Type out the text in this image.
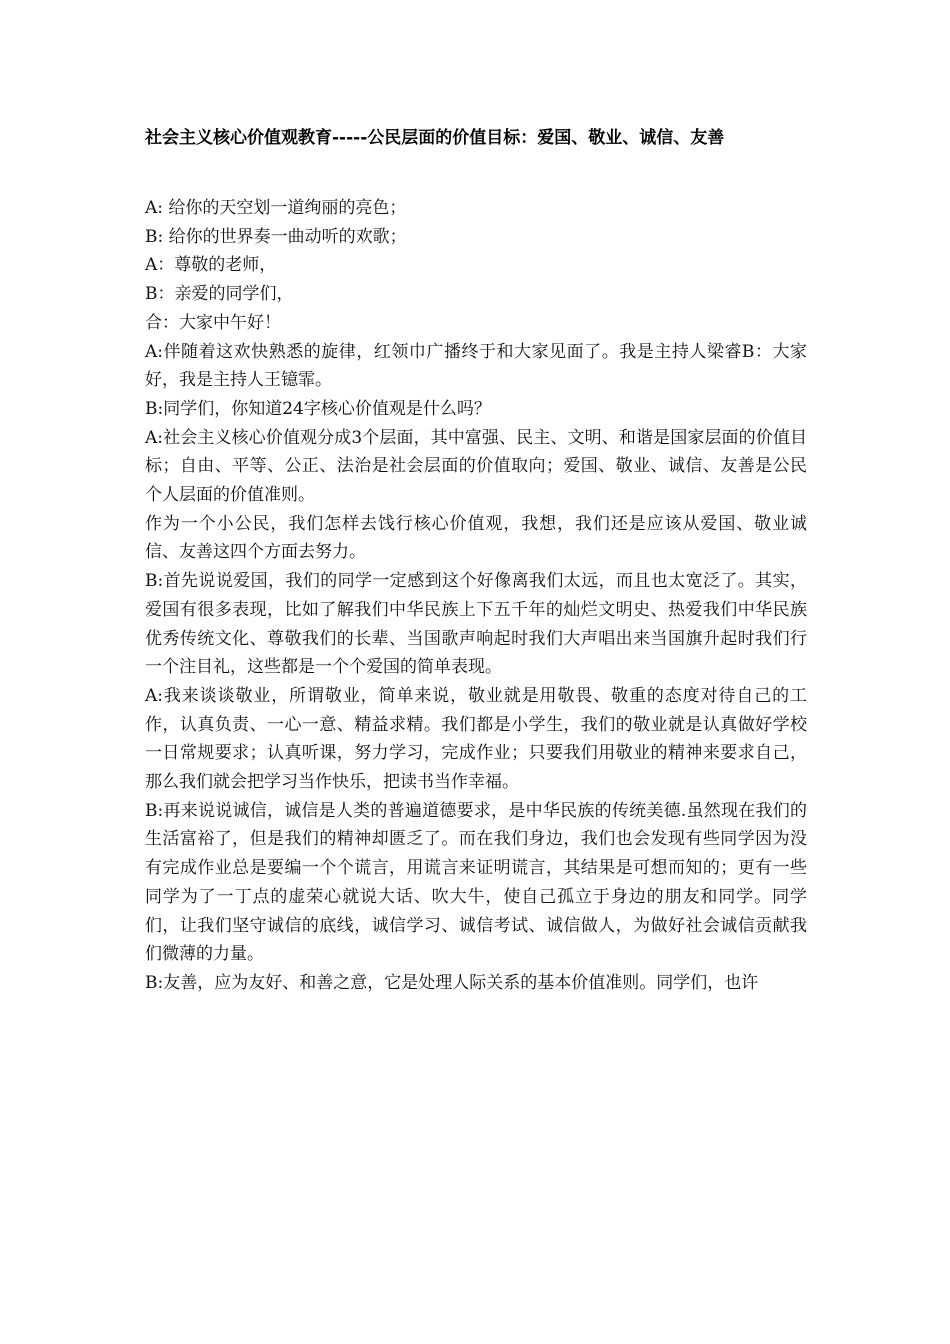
社会主义核心价值观教育-----公民层面的价值目标：爱国、敬业、诚信、友善

A: 给你的天空划一道绚丽的亮色；

B: 给你的世界奏一曲动听的欢歌；

A：尊敬的老师，

B：亲爱的同学们，

合：大家中午好！

A:伴随着这欢快熟悉的旋律，红领巾广播终于和大家见面了。我是主持人梁睿B：大家好，我是主持人王镱霏。

B:同学们，你知道24字核心价值观是什么吗？

A:社会主义核心价值观分成3个层面，其中富强、民主、文明、和谐是国家层面的价值目标；自由、平等、公正、法治是社会层面的价值取向；爱国、敬业、诚信、友善是公民个人层面的价值准则。

作为一个小公民，我们怎样去饯行核心价值观，我想，我们还是应该从爱国、敬业诚信、友善这四个方面去努力。

B:首先说说爱国，我们的同学一定感到这个好像离我们太远，而且也太宽泛了。其实，爱国有很多表现，比如了解我们中华民族上下五千年的灿烂文明史、热爱我们中华民族优秀传统文化、尊敬我们的长辈、当国歌声响起时我们大声唱出来当国旗升起时我们行一个注目礼，这些都是一个个爱国的简单表现。

A:我来谈谈敬业，所谓敬业，简单来说，敬业就是用敬畏、敬重的态度对待自己的工作，认真负责、一心一意、精益求精。我们都是小学生，我们的敬业就是认真做好学校一日常规要求；认真听课，努力学习，完成作业；只要我们用敬业的精神来要求自己，那么我们就会把学习当作快乐，把读书当作幸福。

B:再来说说诚信，诚信是人类的普遍道德要求，是中华民族的传统美德.虽然现在我们的生活富裕了，但是我们的精神却匮乏了。而在我们身边，我们也会发现有些同学因为没有完成作业总是要编一个个谎言，用谎言来证明谎言，其结果是可想而知的；更有一些同学为了一丁点的虚荣心就说大话、吹大牛，使自己孤立于身边的朋友和同学。同学们，让我们坚守诚信的底线，诚信学习、诚信考试、诚信做人，为做好社会诚信贡献我们微薄的力量。

B:友善，应为友好、和善之意，它是处理人际关系的基本价值准则。同学们，也许
